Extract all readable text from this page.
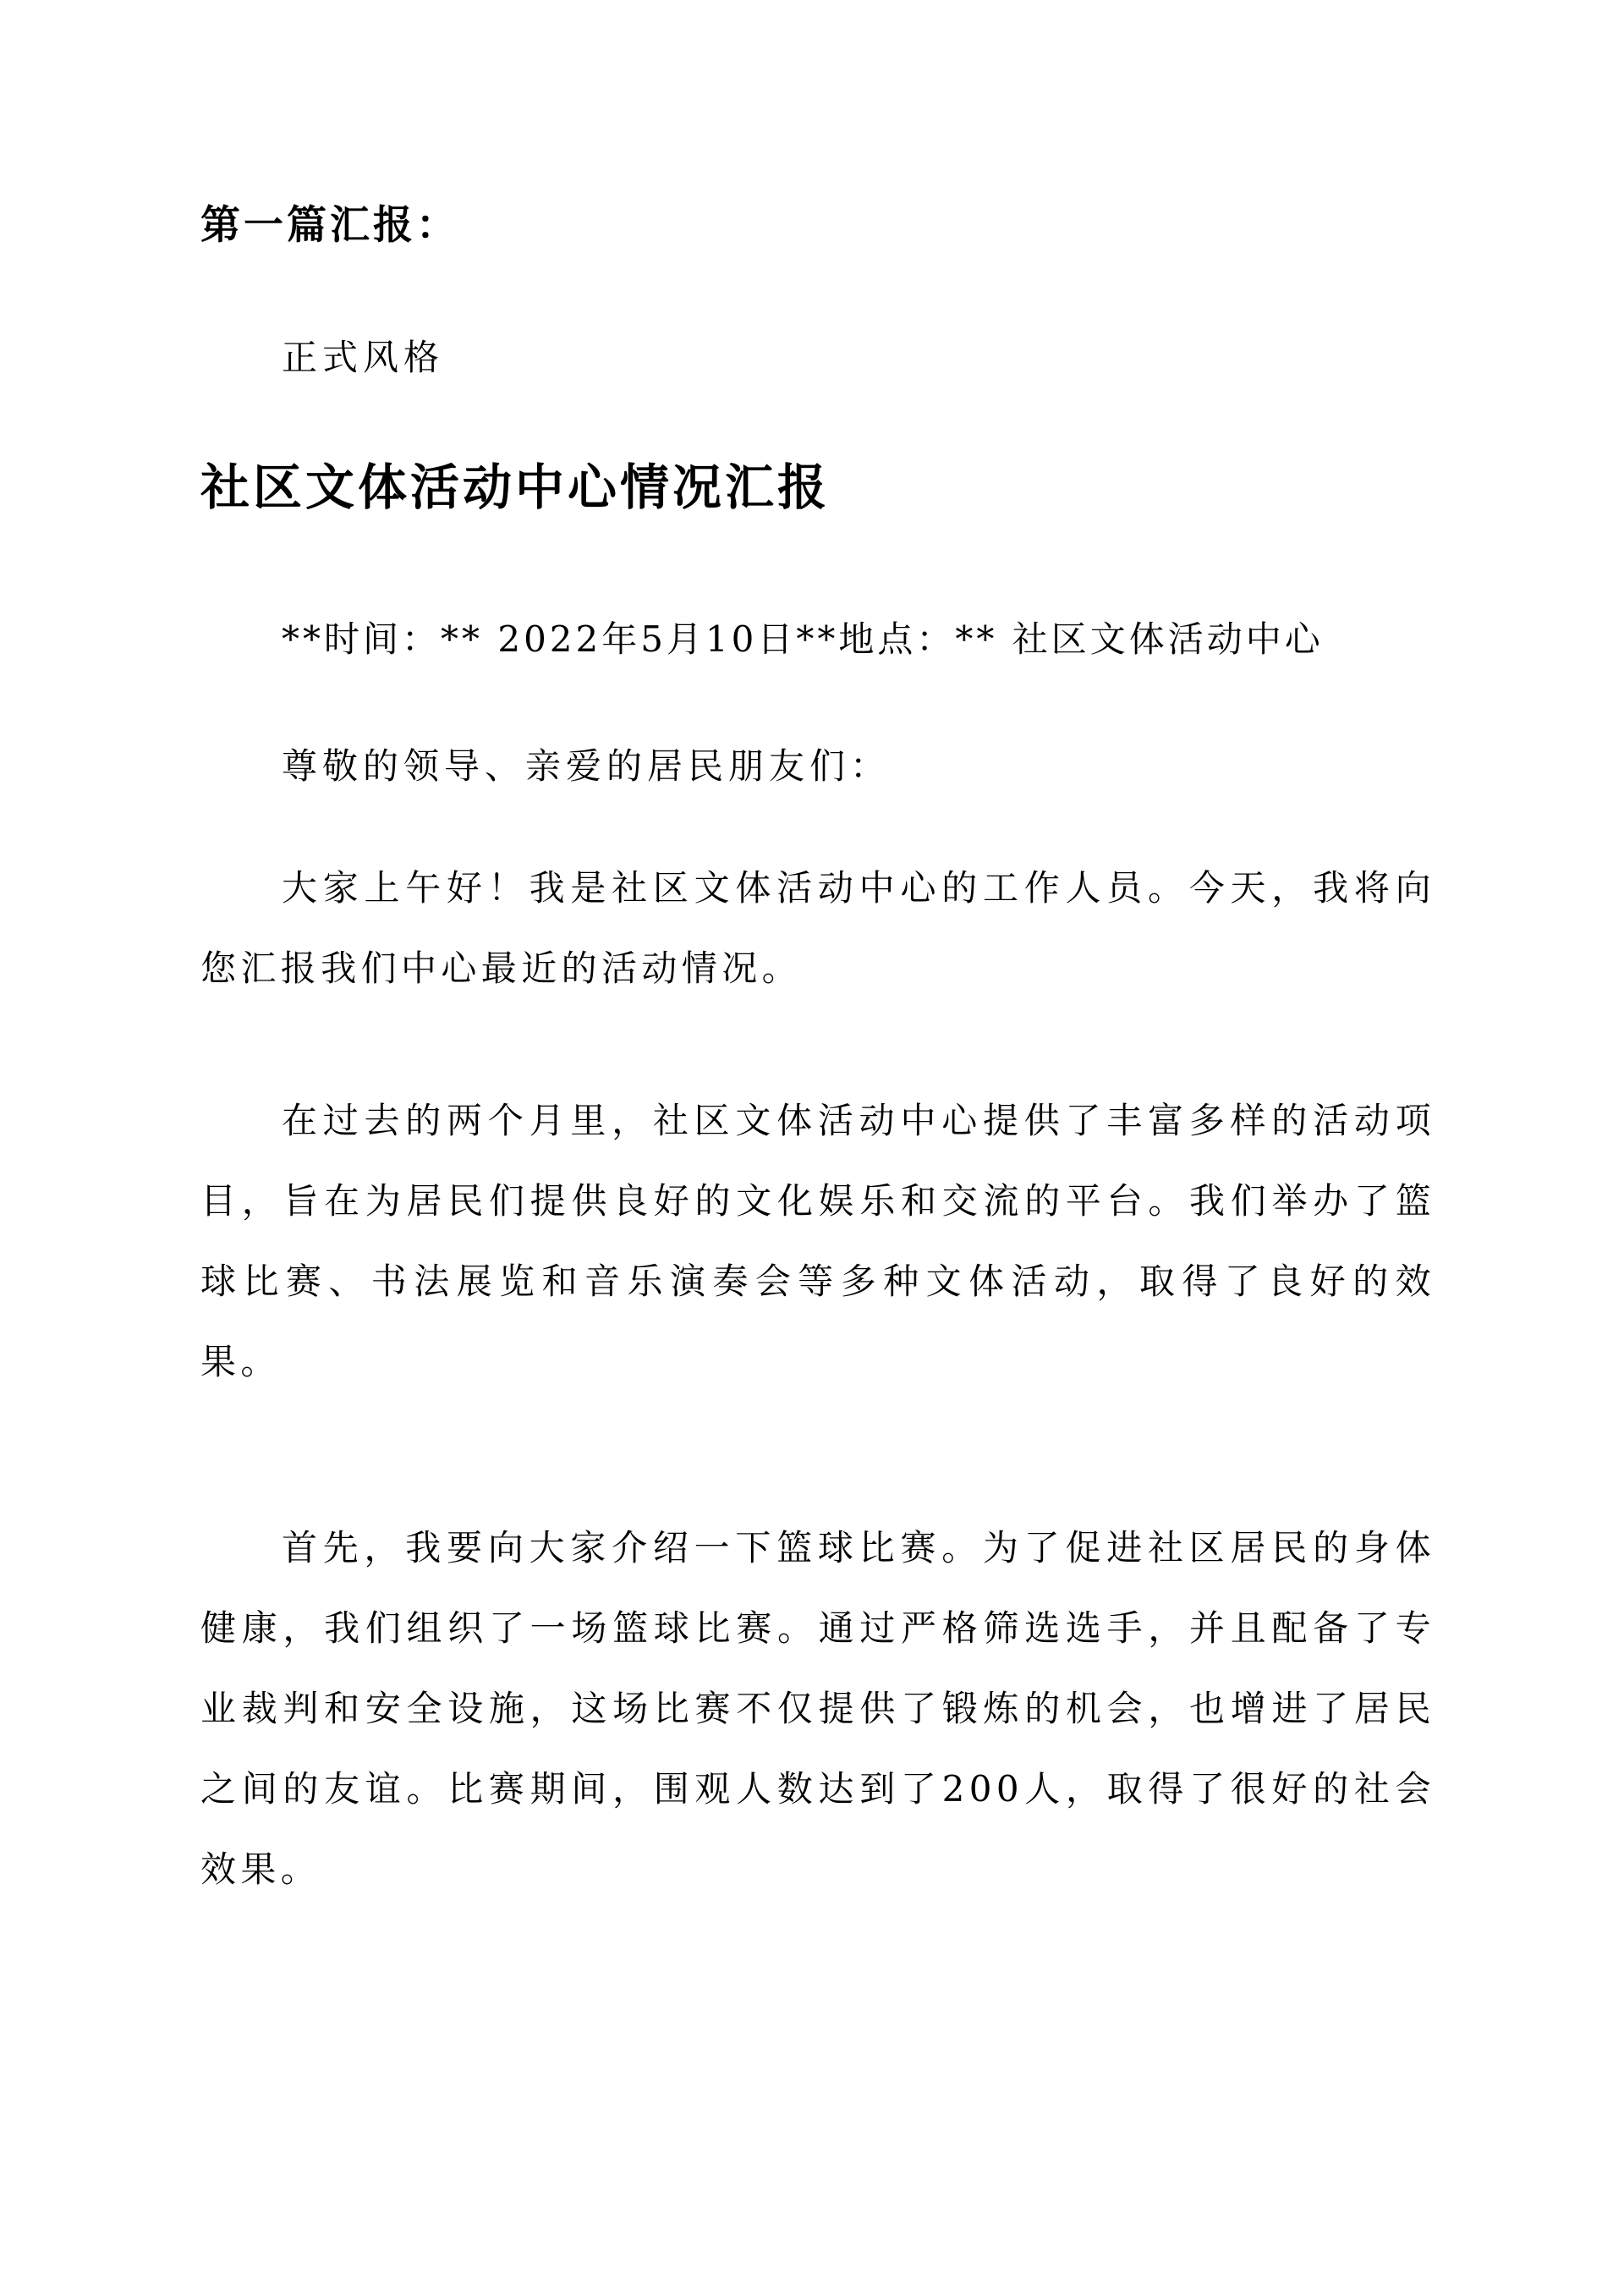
第一篇汇报：
正式风格
社区文体活动中心情况汇报
**时间：** 2022年5月10日**地点：** 社区文体活动中心
尊敬的领导、亲爱的居民朋友们：

大家上午好！我是社区文体活动中心的工作人员。今天，我将向您汇报我们中心最近的活动情况。

在过去的两个月里，社区文体活动中心提供了丰富多样的活动项目，旨在为居民们提供良好的文化娱乐和交流的平台。我们举办了篮球比赛、书法展览和音乐演奏会等多种文体活动，取得了良好的效果。

首先，我要向大家介绍一下篮球比赛。为了促进社区居民的身体健康，我们组织了一场篮球比赛。通过严格筛选选手，并且配备了专业裁判和安全设施，这场比赛不仅提供了锻炼的机会，也增进了居民之间的友谊。比赛期间，围观人数达到了200人，取得了很好的社会效果。
